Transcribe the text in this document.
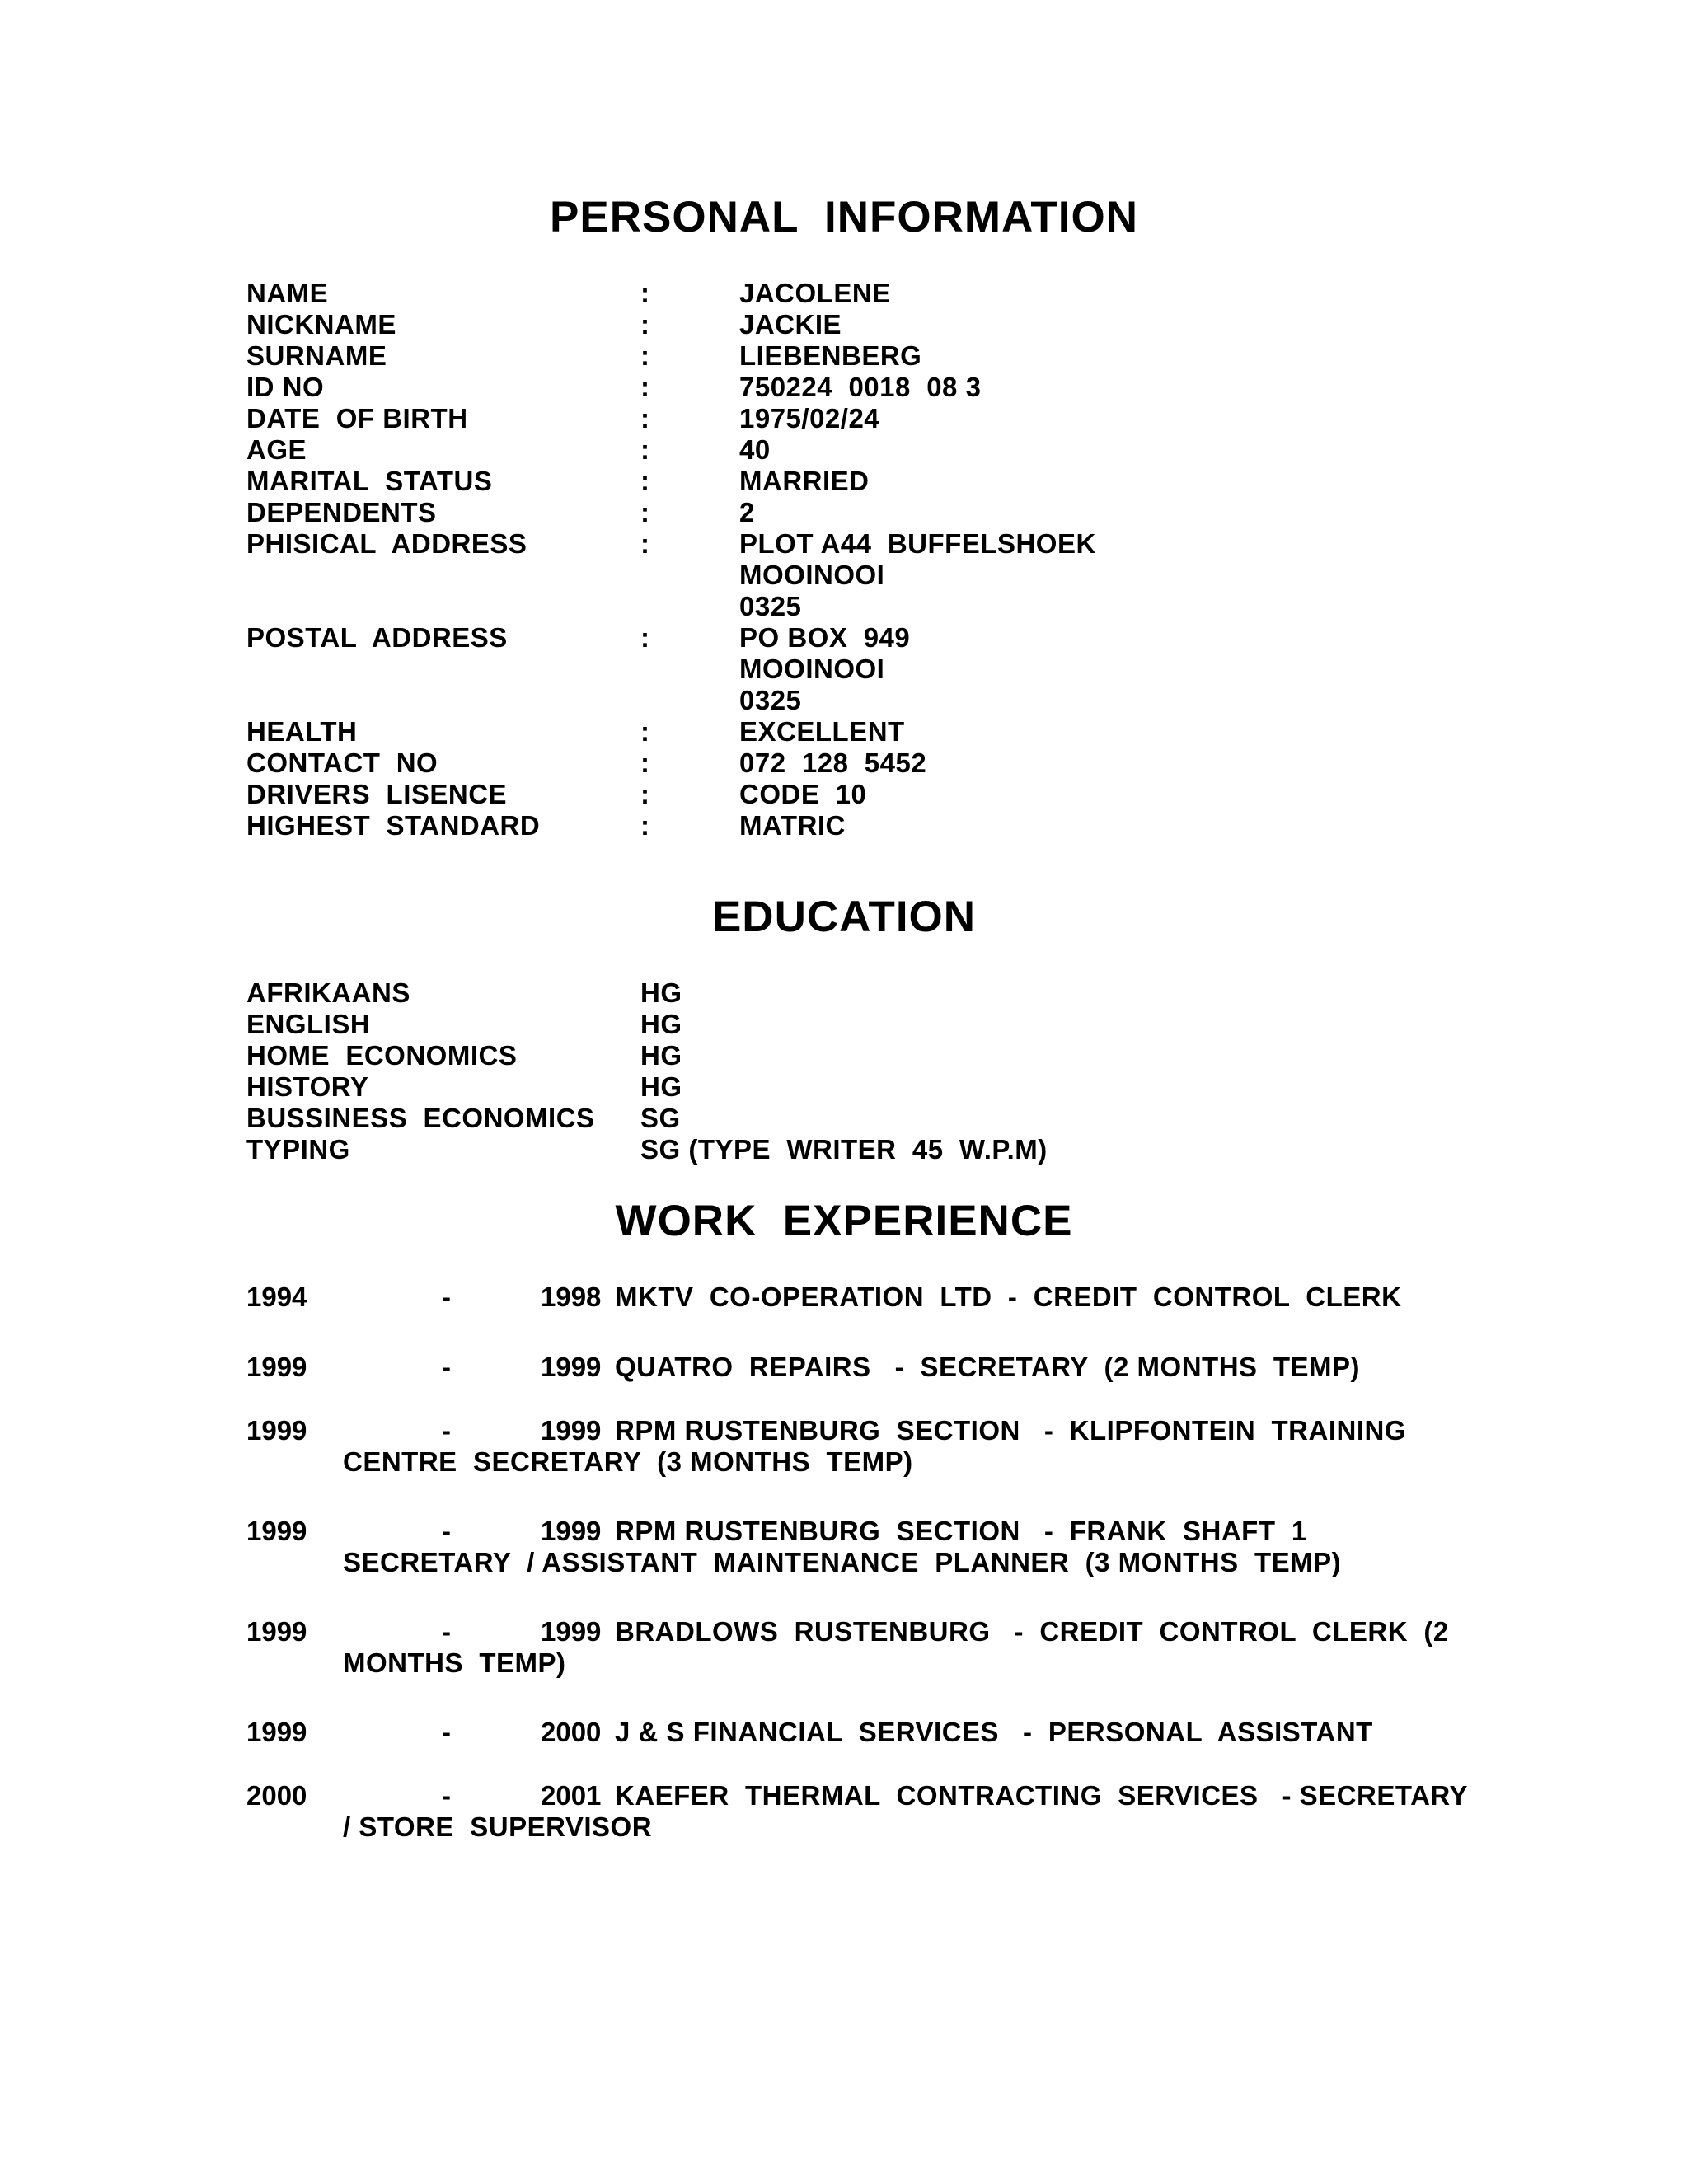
PERSONAL  INFORMATION
NAME	:	JACOLENE
NICKNAME	:	JACKIE
SURNAME	:	LIEBENBERG
ID NO	:	750224  0018  08 3
DATE  OF BIRTH	:	1975/02/24
AGE	:	40
MARITAL  STATUS	:	MARRIED
DEPENDENTS	:	2
PHISICAL  ADDRESS	:	PLOT A44  BUFFELSHOEK
MOOINOOI
0325
POSTAL  ADDRESS	:	PO BOX  949
MOOINOOI
0325
HEALTH	:	EXCELLENT
CONTACT  NO	:	072  128  5452
DRIVERS  LISENCE	:	CODE  10
HIGHEST  STANDARD	:	MATRIC
EDUCATION
AFRIKAANS	HG
ENGLISH	HG
HOME  ECONOMICS	HG
HISTORY	HG
BUSSINESS  ECONOMICS SG
TYPING	SG (TYPE  WRITER  45  W.P.M)
WORK  EXPERIENCE
1994	-	1998 MKTV  CO-OPERATION  LTD  -  CREDIT  CONTROL  CLERK
1999	-	1999 QUATRO  REPAIRS   -  SECRETARY  (2 MONTHS  TEMP)
1999	-	1999 RPM RUSTENBURG  SECTION   -  KLIPFONTEIN  TRAINING
CENTRE  SECRETARY  (3 MONTHS  TEMP)
1999	-	1999 RPM RUSTENBURG  SECTION   -  FRANK  SHAFT  1
SECRETARY  / ASSISTANT  MAINTENANCE  PLANNER  (3 MONTHS  TEMP)
1999	-	1999 BRADLOWS  RUSTENBURG   -  CREDIT  CONTROL  CLERK  (2
MONTHS  TEMP)
1999	-	2000 J & S FINANCIAL  SERVICES   -  PERSONAL  ASSISTANT
2000	-	2001 KAEFER  THERMAL  CONTRACTING  SERVICES   - SECRETARY
/ STORE  SUPERVISOR
